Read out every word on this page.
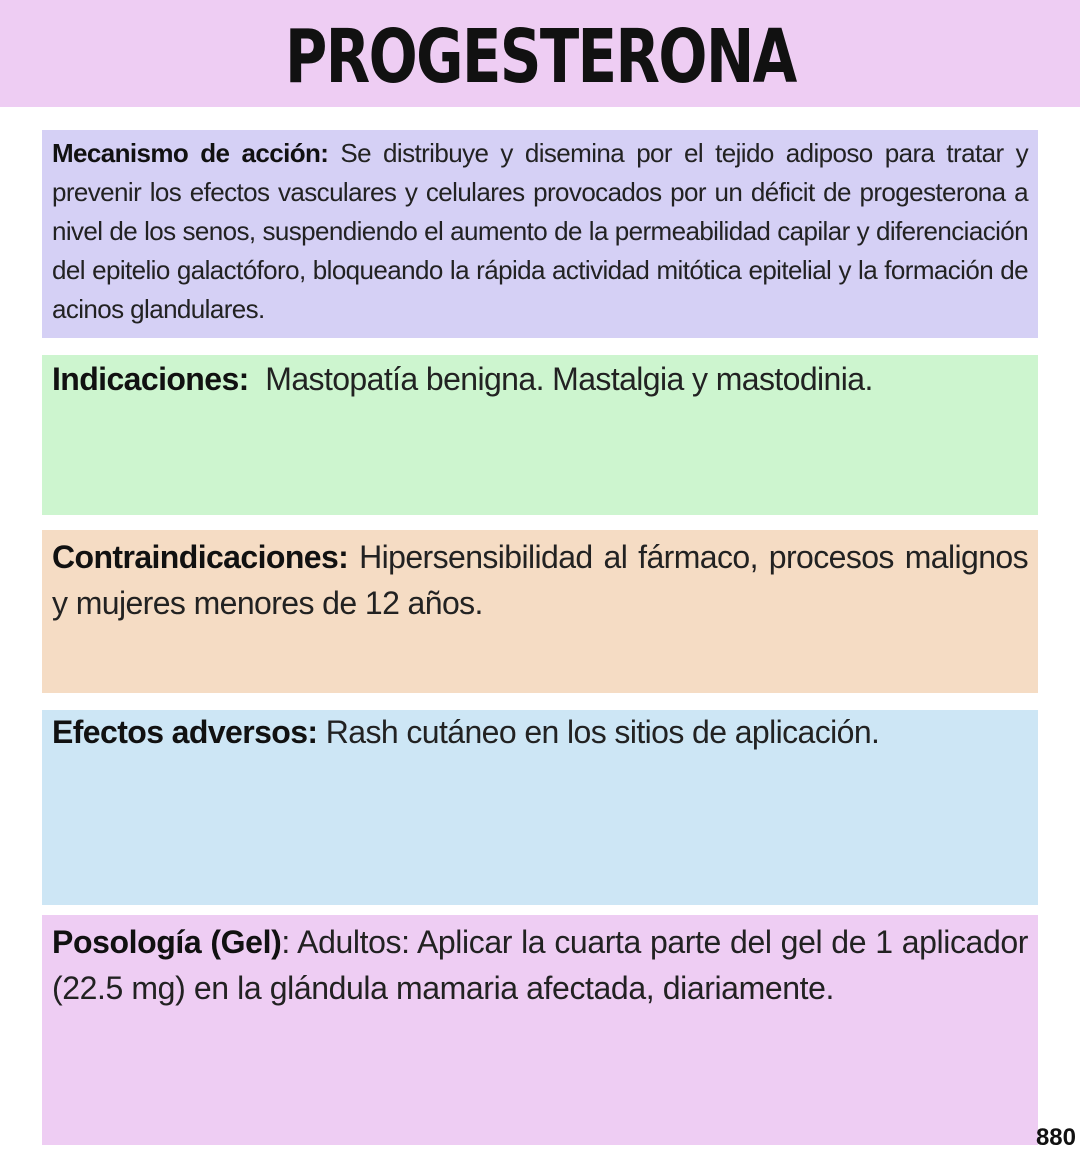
PROGESTERONA
Mecanismo de acción: Se distribuye y disemina por el tejido adiposo para tratar y prevenir los efectos vasculares y celulares provocados por un déficit de progesterona a nivel de los senos, suspendiendo el aumento de la permeabilidad capilar y diferenciación del epitelio galactóforo, bloqueando la rápida actividad mitótica epitelial y la formación de acinos glandulares.
Indicaciones:  Mastopatía benigna. Mastalgia y mastodinia.
Contraindicaciones: Hipersensibilidad al fármaco, procesos malignos y mujeres menores de 12 años.
Efectos adversos: Rash cutáneo en los sitios de aplicación.
Posología (Gel): Adultos: Aplicar la cuarta parte del gel de 1 aplicador (22.5 mg) en la glándula mamaria afectada, diariamente.
880
